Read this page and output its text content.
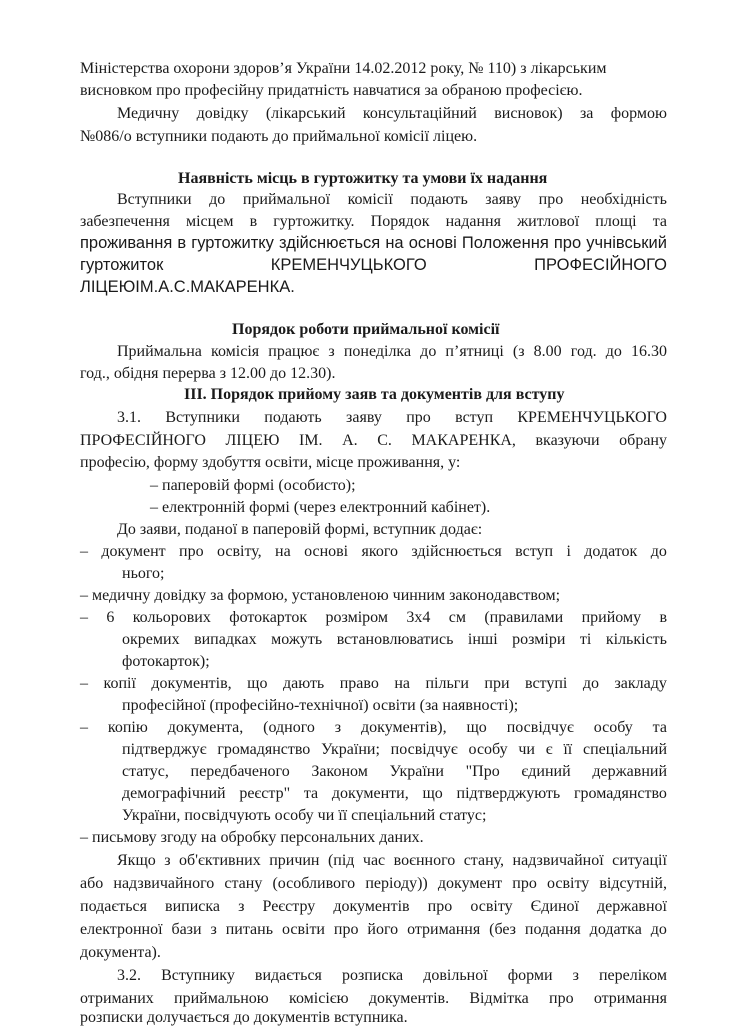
Міністерства охорони здоров’я України 14.02.2012 року, № 110) з лікарським
висновком про професійну придатність навчатися за обраною професією.
Медичну довідку (лікарський консультаційний висновок) за формою
№086/о вступники подають до приймальної комісії ліцею.
Наявність місць в гуртожитку та умови їх надання
Вступники до приймальної комісії подають заяву про необхідність
забезпечення місцем в гуртожитку. Порядок надання житлової площі та
проживання в гуртожитку здійснюється на основі Положення про учнівський
гуртожиток	КРЕМЕНЧУЦЬКОГО	ПРОФЕСІЙНОГО
ЛІЦЕЮІМ.А.С.МАКАРЕНКА.
Порядок роботи приймальної комісії
Приймальна комісія працює з понеділка до п’ятниці (з 8.00 год. до 16.30
год., обідня перерва з 12.00 до 12.30).
ІІІ. Порядок прийому заяв та документів для вступу
3.1. Вступники подають заяву про вступ КРЕМЕНЧУЦЬКОГО
ПРОФЕСІЙНОГО ЛІЦЕЮ ІМ. А. С. МАКАРЕНКА, вказуючи обрану
професію, форму здобуття освіти, місце проживання, у:
– паперовій формі (особисто);
– електронній формі (через електронний кабінет).
До заяви, поданої в паперовій формі, вступник додає:
– документ про освіту, на основі якого здійснюється вступ і додаток до
нього;
– медичну довідку за формою, установленою чинним законодавством;
– 6 кольорових фотокарток розміром 3х4 см (правилами прийому в
окремих випадках можуть встановлюватись інші розміри ті кількість
фотокарток);
– копії документів, що дають право на пільги при вступі до закладу
професійної (професійно-технічної) освіти (за наявності);
– копію документа, (одного з документів), що посвідчує особу та
підтверджує громадянство України; посвідчує особу чи є її спеціальний
статус, передбаченого Законом України "Про єдиний державний
демографічний реєстр" та документи, що підтверджують громадянство
України, посвідчують особу чи її спеціальний статус;
– письмову згоду на обробку персональних даних.
Якщо з об'єктивних причин (під час воєнного стану, надзвичайної ситуації
або надзвичайного стану (особливого періоду)) документ про освіту відсутній,
подається виписка з Реєстру документів про освіту Єдиної державної
електронної бази з питань освіти про його отримання (без подання додатка до
документа).
3.2. Вступнику видається розписка довільної форми з переліком
отриманих приймальною комісією документів. Відмітка про отримання
розписки долучається до документів вступника.
